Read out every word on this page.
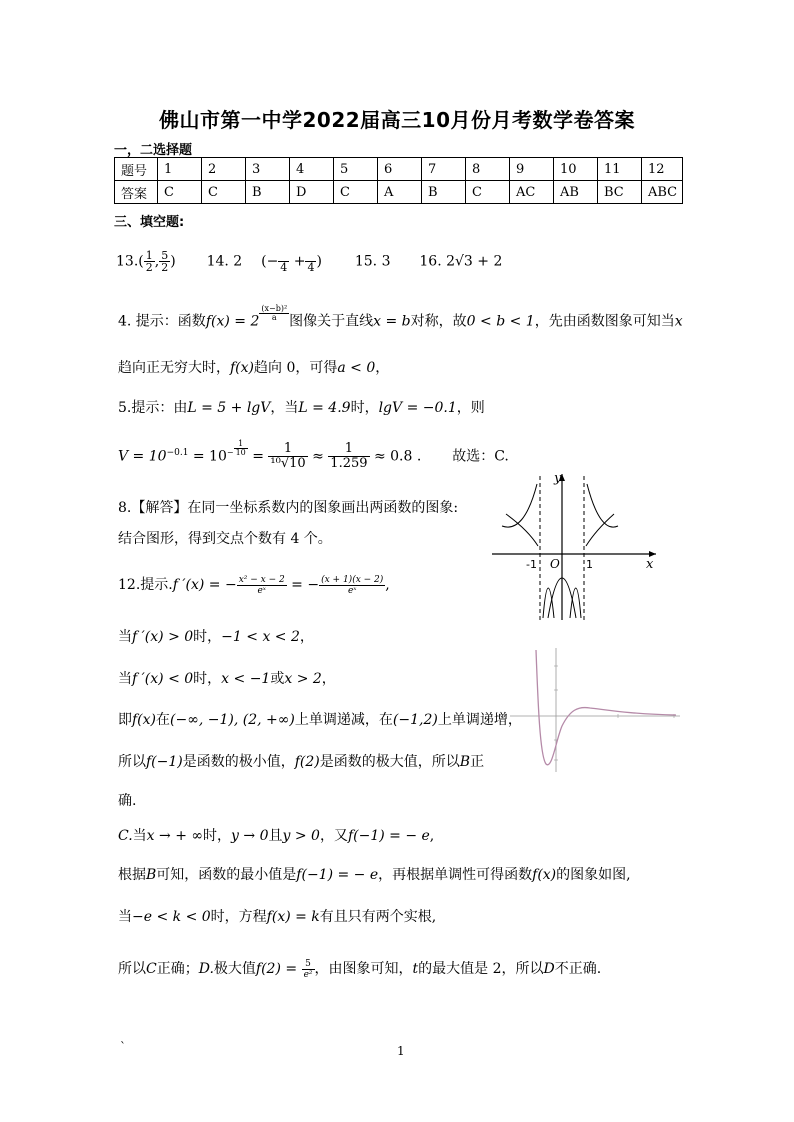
佛山市第一中学2022届高三10月份月考数学卷答案
一，二选择题
题号	1	2	3	4	5	6	7	8	9	10	11	12
答案	C	C	B	D	C	A	B	C	AC	AB	BC	ABC
三、填空题:
$13.( \frac{1}{2}$ , $\frac{5}{2}$ ) 14. 2 (−
4 +
4 ) 15. 3 16. 2√3 + 2
4. 提示：函数$f(x) = 2 \frac{\text{(x−b)²}}{a}$ 图像关于直线x = b对称，故0 < b < 1，先由函数图象可知当x
趋向正无穷大时，f(x)趋向 0，可得a < 0，
5.提示：由L = 5 + lgV，当L = 4.9时，lgV = −0.1，则
$V = 10^{-0.1} = 10^- \frac{1}{10} = \frac{1}{\text{¹⁰√10}} \approx \frac{1}{1.259} \approx 0.8$ . 故选：C.
8.【解答】在同一坐标系数内的图象画出两函数的图象:
结合图形，得到交点个数有 4 个。
y
x
O
-1	1
12.提示.f ′(x) = − $\frac{\text{x² − x − 2}}{\text{eˣ}}$ = − $\frac{(x + 1)(x - 2)}{\text{eˣ}}$ ,
当f ′(x) > 0时，−1 < x < 2，
当f ′(x) < 0时，x < −1或x > 2，
即f(x)在(−∞, −1), (2, +∞)上单调递减，在(−1,2)上单调递增，
所以f(−1)是函数的极小值，f(2)是函数的极大值，所以B正
确.
C.当x → + ∞时，y → 0且y > 0，又f(−1) = − e,
根据B可知，函数的最小值是f(−1) = − e，再根据单调性可得函数f(x)的图象如图,
当−e < k < 0时，方程f(x) = k有且只有两个实根,
所以C正确；D.极大值$f(2) = \frac{5}{\text{e²}}$ ，由图象可知，t的最大值是 2，所以D不正确.
`	1
